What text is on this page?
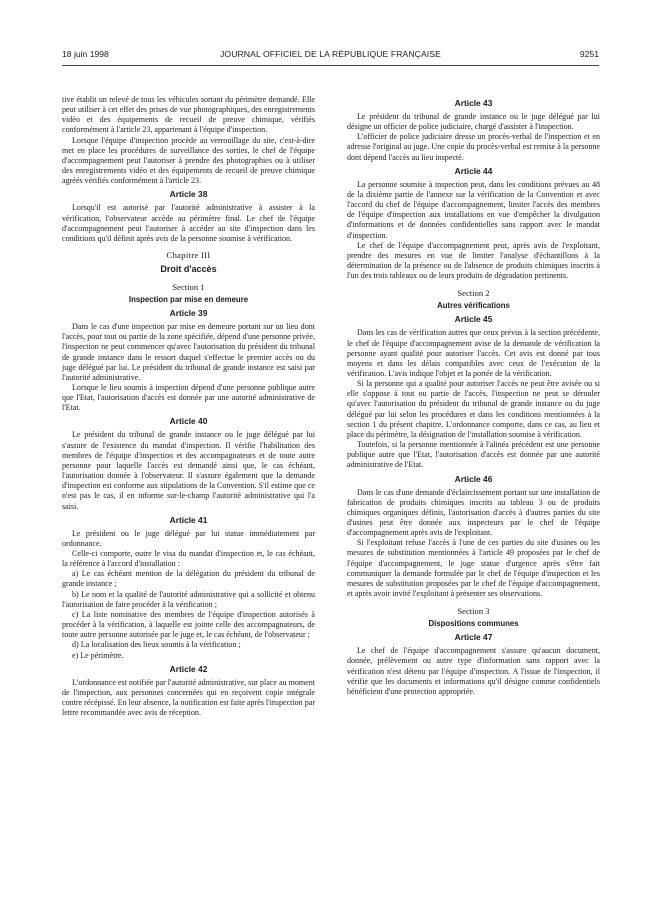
18 juin 1998	JOURNAL OFFICIEL DE LA RÉPUBLIQUE FRANÇAISE	9251

tive établit un relevé de tous les véhicules sortant du périmètre demandé. Elle peut utiliser à cet effet des prises de vue photographiques, des enregistrements vidéo et des équipements de recueil de preuve chimique, vérifiés conformément à l'article 23, appartenant à l'équipe d'inspection.

Lorsque l'équipe d'inspection procède au verrouillage du site, c'est-à-dire met en place les procédures de surveillance des sorties, le chef de l'équipe d'accompagnement peut l'autoriser à prendre des photographies ou à utiliser des enregistrements vidéo et des équipements de recueil de preuve chimique agréés vérifiés conformément à l'article 23.

Article 38

Lorsqu'il est autorisé par l'autorité administrative à assister à la vérification, l'observateur accède au périmètre final. Le chef de l'équipe d'accompagnement peut l'autoriser à accéder au site d'inspection dans les conditions qu'il définit après avis de la personne soumise à vérification.

Chapitre III
Droit d'accès
Section 1
Inspection par mise en demeure
Article 39

Dans le cas d'une inspection par mise en demeure portant sur un lieu dont l'accès, pour tout ou partie de la zone spécifiée, dépend d'une personne privée, l'inspection ne peut commencer qu'avec l'autorisation du président du tribunal de grande instance dans le ressort duquel s'effectue le premier accès ou du juge délégué par lui. Le président du tribunal de grande instance est saisi par l'autorité administrative.

Lorsque le lieu soumis à inspection dépend d'une personne publique autre que l'Etat, l'autorisation d'accès est donnée par une autorité administrative de l'Etat.

Article 40

Le président du tribunal de grande instance ou le juge délégué par lui s'assure de l'existence du mandat d'inspection. Il vérifie l'habilitation des membres de l'équipe d'inspection et des accompagnateurs et de toute autre personne pour laquelle l'accès est demandé ainsi que, le cas échéant, l'autorisation donnée à l'observateur. Il s'assure également que la demande d'inspection est conforme aux stipulations de la Convention. S'il estime que ce n'est pas le cas, il en informe sur-le-champ l'autorité administrative qui l'a saisi.

Article 41

Le président ou le juge délégué par lui statue immédiatement par ordonnance.

Celle-ci comporte, outre le visa du mandat d'inspection et, le cas échéant, la référence à l'accord d'installation :

a) Le cas échéant mention de la délégation du président du tribunal de grande instance ;

b) Le nom et la qualité de l'autorité administrative qui a sollicité et obtenu l'autorisation de faire procéder à la vérification ;

c) La liste nominative des membres de l'équipe d'inspection autorisés à procéder à la vérification, à laquelle est jointe celle des accompagnateurs, de toute autre personne autorisée par le juge et, le cas échéant, de l'observateur ;

d) La localisation des lieux soumis à la vérification ;

e) Le périmètre.

Article 42

L'ordonnance est notifiée par l'autorité administrative, sur place au moment de l'inspection, aux personnes concernées qui en reçoivent copie intégrale contre récépissé. En leur absence, la notification est faite après l'inspection par lettre recommandée avec avis de réception.

Article 43

Le président du tribunal de grande instance ou le juge délégué par lui désigne un officier de police judiciaire, chargé d'assister à l'inspection.

L'officier de police judiciaire dresse un procès-verbal de l'inspection et en adresse l'original au juge. Une copie du procès-verbal est remise à la personne dont dépend l'accès au lieu inspecté.

Article 44

La personne soumise à inspection peut, dans les conditions prévues au 48 de la dixième partie de l'annexe sur la vérification de la Convention et avec l'accord du chef de l'équipe d'accompagnement, limiter l'accès des membres de l'équipe d'inspection aux installations en vue d'empêcher la divulgation d'informations et de données confidentielles sans rapport avec le mandat d'inspection.

Le chef de l'équipe d'accompagnement peut, après avis de l'exploitant, prendre des mesures en vue de limiter l'analyse d'échantillons à la détermination de la présence ou de l'absence de produits chimiques inscrits à l'un des trois tableaux ou de leurs produits de dégradation pertinents.

Section 2
Autres vérifications
Article 45

Dans les cas de vérification autres que ceux prévus à la section précédente, le chef de l'équipe d'accompagnement avise de la demande de vérification la personne ayant qualité pour autoriser l'accès. Cet avis est donné par tous moyens et dans les délais compatibles avec ceux de l'exécution de la vérification. L'avis indique l'objet et la portée de la vérification.

Si la personne qui a qualité pour autoriser l'accès ne peut être avisée ou si elle s'oppose à tout ou partie de l'accès, l'inspection ne peut se dérouler qu'avec l'autorisation du président du tribunal de grande instance ou du juge délégué par lui selon les procédures et dans les conditions mentionnées à la section 1 du présent chapitre. L'ordonnance comporte, dans ce cas, au lieu et place du périmètre, la désignation de l'installation soumise à vérification.

Toutefois, si la personne mentionnée à l'alinéa précédent est une personne publique autre que l'Etat, l'autorisation d'accès est donnée par une autorité administrative de l'Etat.

Article 46

Dans le cas d'une demande d'éclaircissement portant sur une installation de fabrication de produits chimiques inscrits au tableau 3 ou de produits chimiques organiques définis, l'autorisation d'accès à d'autres parties du site d'usines peut être donnée aux inspecteurs par le chef de l'équipe d'accompagnement après avis de l'exploitant.

Si l'exploitant refuse l'accès à l'une de ces parties du site d'usines ou les mesures de substitution mentionnées à l'article 49 proposées par le chef de l'équipe d'accompagnement, le juge statue d'urgence après s'être fait communiquer la demande formulée par le chef de l'équipe d'inspection et les mesures de substitution proposées par le chef de l'équipe d'accompagnement, et après avoir invité l'exploitant à présenter ses observations.

Section 3
Dispositions communes
Article 47

Le chef de l'équipe d'accompagnement s'assure qu'aucun document, donnée, prélèvement ou autre type d'information sans rapport avec la vérification n'est détenu par l'équipe d'inspection. A l'issue de l'inspection, il vérifie que les documents et informations qu'il désigne comme confidentiels bénéficient d'une protection appropriée.
